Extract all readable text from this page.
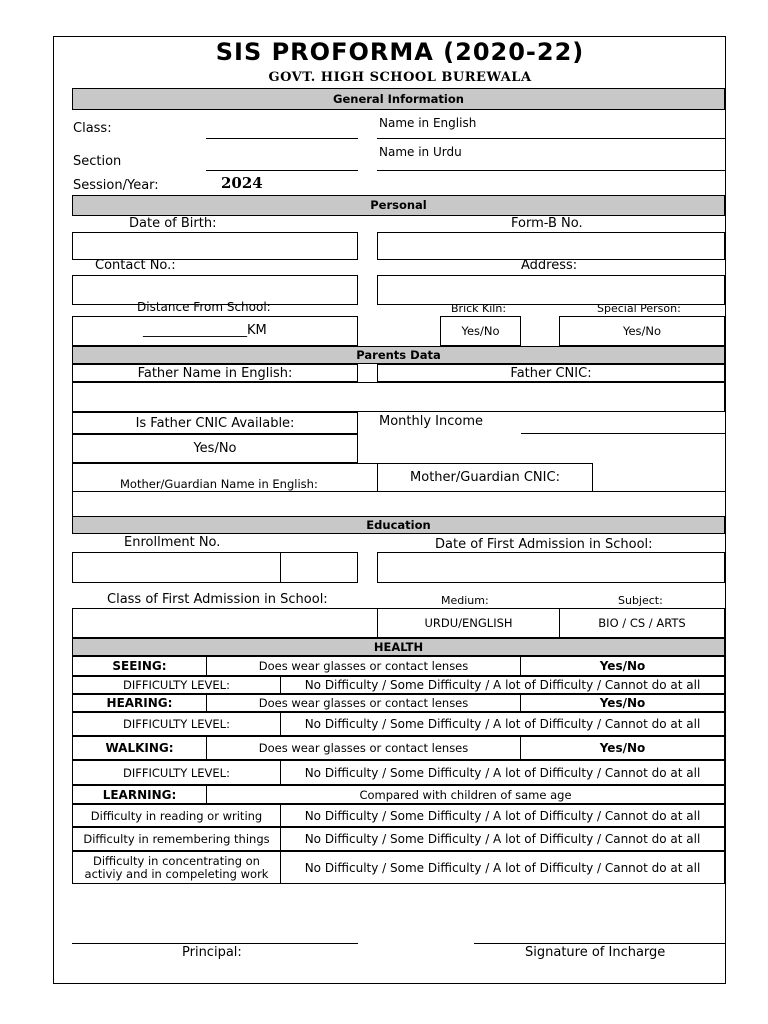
SIS PROFORMA (2020-22)
GOVT. HIGH SCHOOL BUREWALA
General Information
Class:
Section
Session/Year:	2024
Name in English
Name in Urdu
Personal
Date of Birth:	Form-B No.
Contact No.:	Address:
Distance From School:	Brick Kiln:	Special Person:
________________KM	Yes/No	Yes/No
Parents Data
Father Name in English:	Father CNIC:
Is Father CNIC Available:
Yes/No
Monthly Income
Mother/Guardian Name in English:	Mother/Guardian CNIC:
Education
Enrollment No.	Date of First Admission in School:
Class of First Admission in School:	Medium:	Subject:
URDU/ENGLISH	BIO / CS / ARTS
HEALTH
SEEING:	Does wear glasses or contact lenses	Yes/No
DIFFICULTY LEVEL:	No Difficulty / Some Difficulty / A lot of Difficulty / Cannot do at all
HEARING:	Does wear glasses or contact lenses	Yes/No
DIFFICULTY LEVEL:	No Difficulty / Some Difficulty / A lot of Difficulty / Cannot do at all
WALKING:	Does wear glasses or contact lenses	Yes/No
DIFFICULTY LEVEL:	No Difficulty / Some Difficulty / A lot of Difficulty / Cannot do at all
LEARNING:	Compared with children of same age
Difficulty in reading or writing	No Difficulty / Some Difficulty / A lot of Difficulty / Cannot do at all
Difficulty in remembering things	No Difficulty / Some Difficulty / A lot of Difficulty / Cannot do at all
Difficulty in concentrating on
activiy and in compeleting work	No Difficulty / Some Difficulty / A lot of Difficulty / Cannot do at all
Principal:	Signature of Incharge
